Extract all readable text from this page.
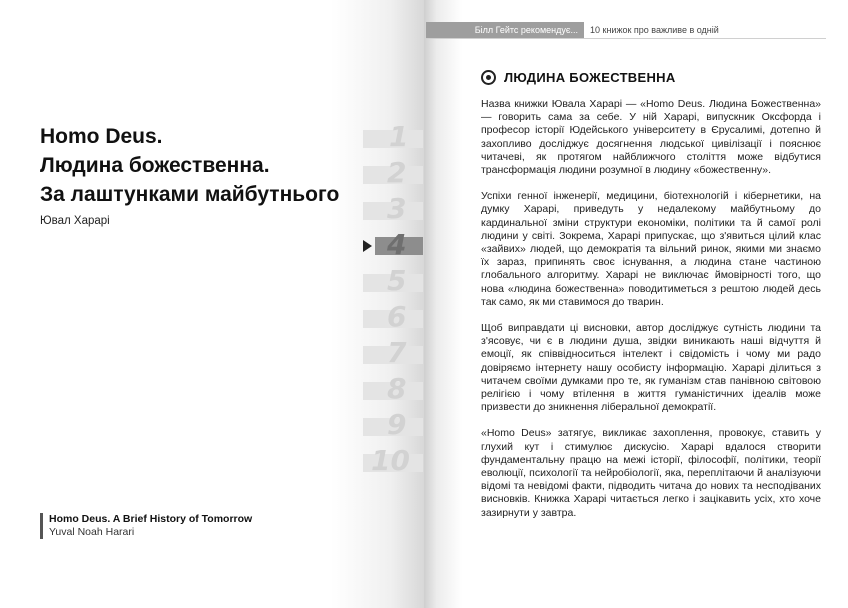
Homo Deus.
Людина божественна.
За лаштунками майбутнього
Ювал Харарі
1
2
3
4
5
6
7
8
9
10
Homo Deus. A Brief History of Tomorrow
Yuval Noah Harari
Білл Гейтс рекомендує...	10 книжок про важливе в одній
ЛЮДИНА БОЖЕСТВЕННА

Назва книжки Ювала Харарі — «Homo Deus. Людина Божественна» — говорить сама за себе. У ній Харарі, випускник Оксфорда і професор історії Юдейського університету в Єрусалимі, дотепно й захопливо досліджує досягнення людської цивілізації і пояснює читачеві, як протягом найближчого століття може відбутися трансформація людини розумної в людину «божественну».

Успіхи генної інженерії, медицини, біотехнологій і кібернетики, на думку Харарі, приведуть у недалекому майбутньому до кардинальної зміни структури економіки, політики та й самої ролі людини у світі. Зокрема, Харарі припускає, що з'явиться цілий клас «зайвих» людей, що демократія та вільний ринок, якими ми знаємо їх зараз, припинять своє існування, а людина стане частиною глобального алгоритму. Харарі не виключає ймовірності того, що нова «людина божественна» поводитиметься з рештою людей десь так само, як ми ставимося до тварин.

Щоб виправдати ці висновки, автор досліджує сутність людини та з'ясовує, чи є в людини душа, звідки виникають наші відчуття й емоції, як співвідноситься інтелект і свідомість і чому ми радо довіряємо інтернету нашу особисту інформацію. Харарі ділиться з читачем своїми думками про те, як гуманізм став панівною світовою релігією і чому втілення в життя гуманістичних ідеалів може призвести до зникнення ліберальної демократії.

«Homo Deus» затягує, викликає захоплення, провокує, ставить у глухий кут і стимулює дискусію. Харарі вдалося створити фундаментальну працю на межі історії, філософії, політики, теорії еволюції, психології та нейробіології, яка, переплітаючи й аналізуючи відомі та невідомі факти, підводить читача до нових та несподіваних висновків. Книжка Харарі читається легко і зацікавить усіх, хто хоче зазирнути у завтра.
